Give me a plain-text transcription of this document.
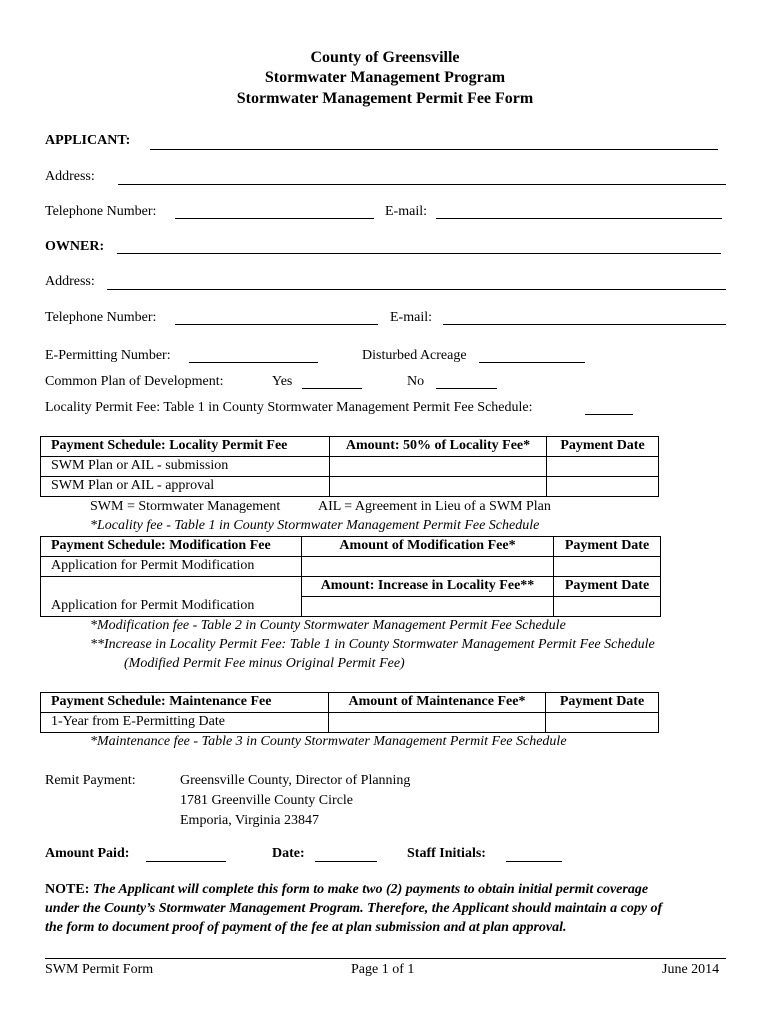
County of Greensville
Stormwater Management Program
Stormwater Management Permit Fee Form
APPLICANT:
Address:
Telephone Number:	E-mail:
OWNER:
Address:
Telephone Number:	E-mail:
E-Permitting Number:	Disturbed Acreage
Common Plan of Development:	Yes	No
Locality Permit Fee: Table 1 in County Stormwater Management Permit Fee Schedule:
Payment Schedule: Locality Permit Fee	Amount: 50% of Locality Fee*	Payment Date
SWM Plan or AIL - submission		
SWM Plan or AIL - approval		
SWM = Stormwater Management	AIL = Agreement in Lieu of a SWM Plan
*Locality fee - Table 1 in County Stormwater Management Permit Fee Schedule
Payment Schedule: Modification Fee	Amount of Modification Fee*	Payment Date
Application for Permit Modification		
	Amount: Increase in Locality Fee**	Payment Date
Application for Permit Modification		
*Modification fee - Table 2 in County Stormwater Management Permit Fee Schedule
**Increase in Locality Permit Fee: Table 1 in County Stormwater Management Permit Fee Schedule
(Modified Permit Fee minus Original Permit Fee)
Payment Schedule: Maintenance Fee	Amount of Maintenance Fee*	Payment Date
1-Year from E-Permitting Date		
*Maintenance fee - Table 3 in County Stormwater Management Permit Fee Schedule
Remit Payment:	Greensville County, Director of Planning
1781 Greenville County Circle
Emporia, Virginia 23847
Amount Paid:	Date:	Staff Initials:
NOTE: The Applicant will complete this form to make two (2) payments to obtain initial permit coverage
under the County’s Stormwater Management Program. Therefore, the Applicant should maintain a copy of
the form to document proof of payment of the fee at plan submission and at plan approval.
SWM Permit Form	Page 1 of 1	June 2014
